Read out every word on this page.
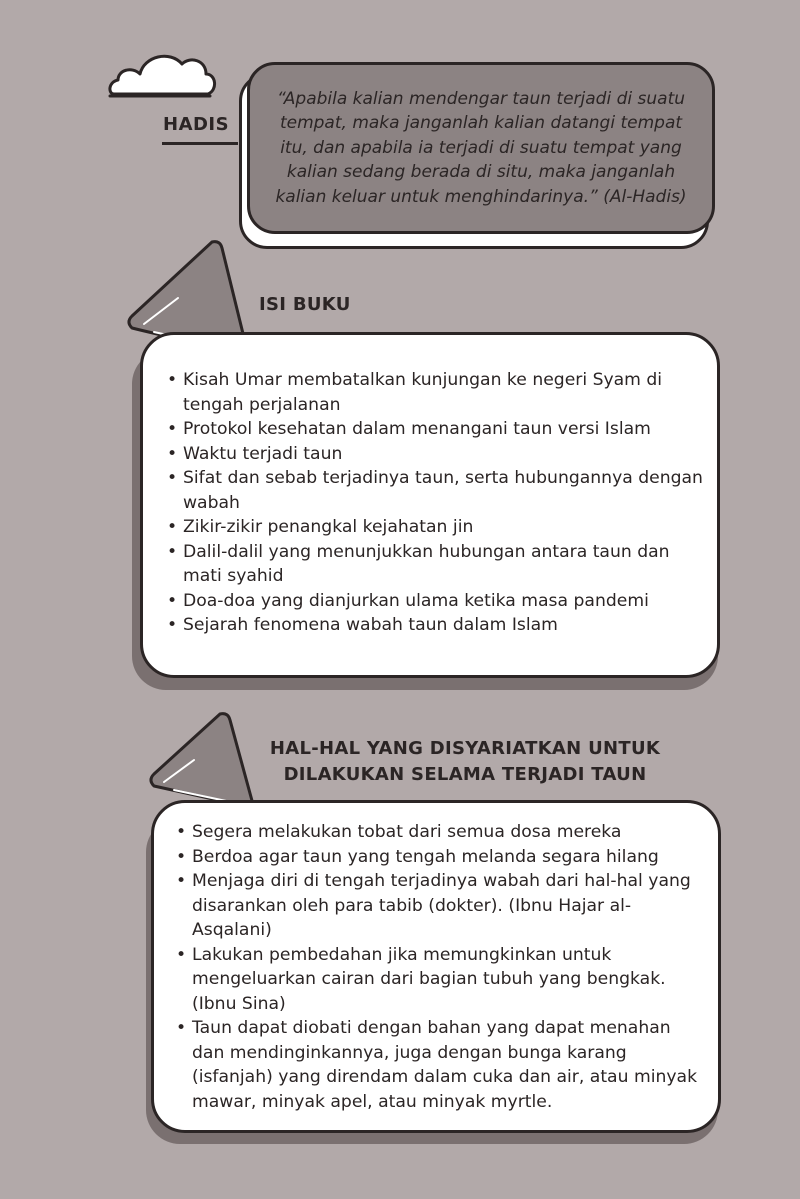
HADIS
“Apabila kalian mendengar taun terjadi di suatu tempat, maka janganlah kalian datangi tempat itu, dan apabila ia terjadi di suatu tempat yang kalian sedang berada di situ, maka janganlah kalian keluar untuk menghindarinya.” (Al-Hadis)
ISI BUKU
• Kisah Umar membatalkan kunjungan ke negeri Syam di tengah perjalanan
• Protokol kesehatan dalam menangani taun versi Islam
• Waktu terjadi taun
• Sifat dan sebab terjadinya taun, serta hubungannya dengan wabah
• Zikir-zikir penangkal kejahatan jin
• Dalil-dalil yang menunjukkan hubungan antara taun dan mati syahid
• Doa-doa yang dianjurkan ulama ketika masa pandemi
• Sejarah fenomena wabah taun dalam Islam
HAL-HAL YANG DISYARIATKAN UNTUK DILAKUKAN SELAMA TERJADI TAUN
• Segera melakukan tobat dari semua dosa mereka
• Berdoa agar taun yang tengah melanda segara hilang
• Menjaga diri di tengah terjadinya wabah dari hal-hal yang disarankan oleh para tabib (dokter). (Ibnu Hajar al-Asqalani)
• Lakukan pembedahan jika memungkinkan untuk mengeluarkan cairan dari bagian tubuh yang bengkak. (Ibnu Sina)
• Taun dapat diobati dengan bahan yang dapat menahan dan mendinginkannya, juga dengan bunga karang (isfanjah) yang direndam dalam cuka dan air, atau minyak mawar, minyak apel, atau minyak myrtle.
